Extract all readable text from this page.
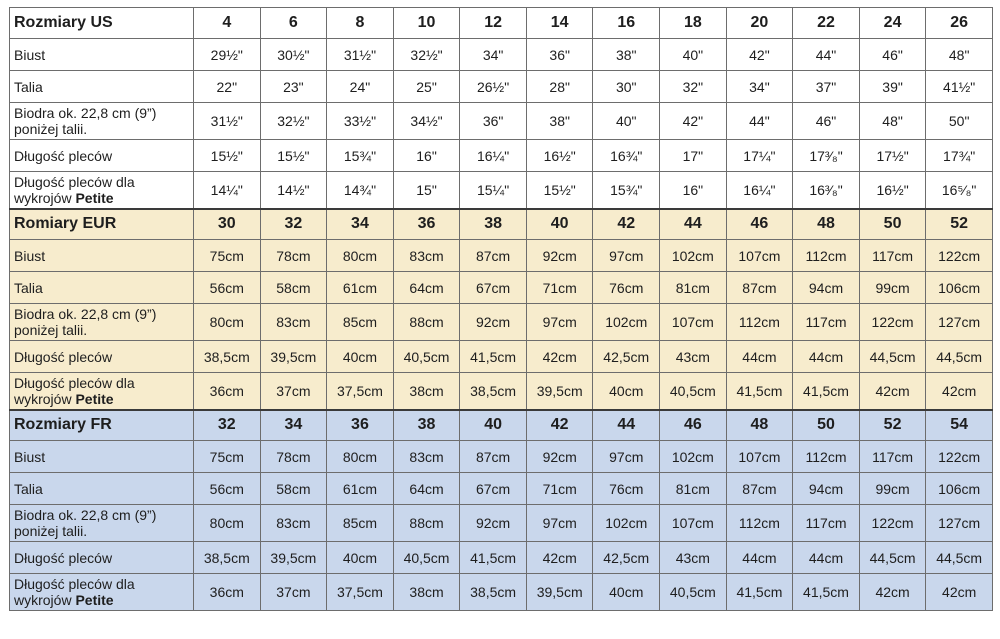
Rozmiary US	4	6	8	10	12	14	16	18	20	22	24	26
Biust	29½"	30½"	31½"	32½"	34"	36"	38"	40"	42"	44"	46"	48"
Talia	22"	23"	24"	25"	26½"	28"	30"	32"	34"	37"	39"	41½"
Biodra ok. 22,8 cm (9”) poniżej talii.	31½"	32½"	33½"	34½"	36"	38"	40"	42"	44"	46"	48"	50"
Długość pleców	15½"	15½"	15¾"	16"	16¼"	16½"	16¾"	17"	17¼"	17³⁄₈"	17½"	17¾"
Długość pleców dla wykrojów Petite	14¼"	14½"	14¾"	15"	15¼"	15½"	15¾"	16"	16¼"	16³⁄₈"	16½"	16⁵⁄₈"
Romiary EUR	30	32	34	36	38	40	42	44	46	48	50	52
Biust	75cm	78cm	80cm	83cm	87cm	92cm	97cm	102cm	107cm	112cm	117cm	122cm
Talia	56cm	58cm	61cm	64cm	67cm	71cm	76cm	81cm	87cm	94cm	99cm	106cm
Biodra ok. 22,8 cm (9”) poniżej talii.	80cm	83cm	85cm	88cm	92cm	97cm	102cm	107cm	112cm	117cm	122cm	127cm
Długość pleców	38,5cm	39,5cm	40cm	40,5cm	41,5cm	42cm	42,5cm	43cm	44cm	44cm	44,5cm	44,5cm
Długość pleców dla wykrojów Petite	36cm	37cm	37,5cm	38cm	38,5cm	39,5cm	40cm	40,5cm	41,5cm	41,5cm	42cm	42cm
Rozmiary FR	32	34	36	38	40	42	44	46	48	50	52	54
Biust	75cm	78cm	80cm	83cm	87cm	92cm	97cm	102cm	107cm	112cm	117cm	122cm
Talia	56cm	58cm	61cm	64cm	67cm	71cm	76cm	81cm	87cm	94cm	99cm	106cm
Biodra ok. 22,8 cm (9”) poniżej talii.	80cm	83cm	85cm	88cm	92cm	97cm	102cm	107cm	112cm	117cm	122cm	127cm
Długość pleców	38,5cm	39,5cm	40cm	40,5cm	41,5cm	42cm	42,5cm	43cm	44cm	44cm	44,5cm	44,5cm
Długość pleców dla wykrojów Petite	36cm	37cm	37,5cm	38cm	38,5cm	39,5cm	40cm	40,5cm	41,5cm	41,5cm	42cm	42cm
